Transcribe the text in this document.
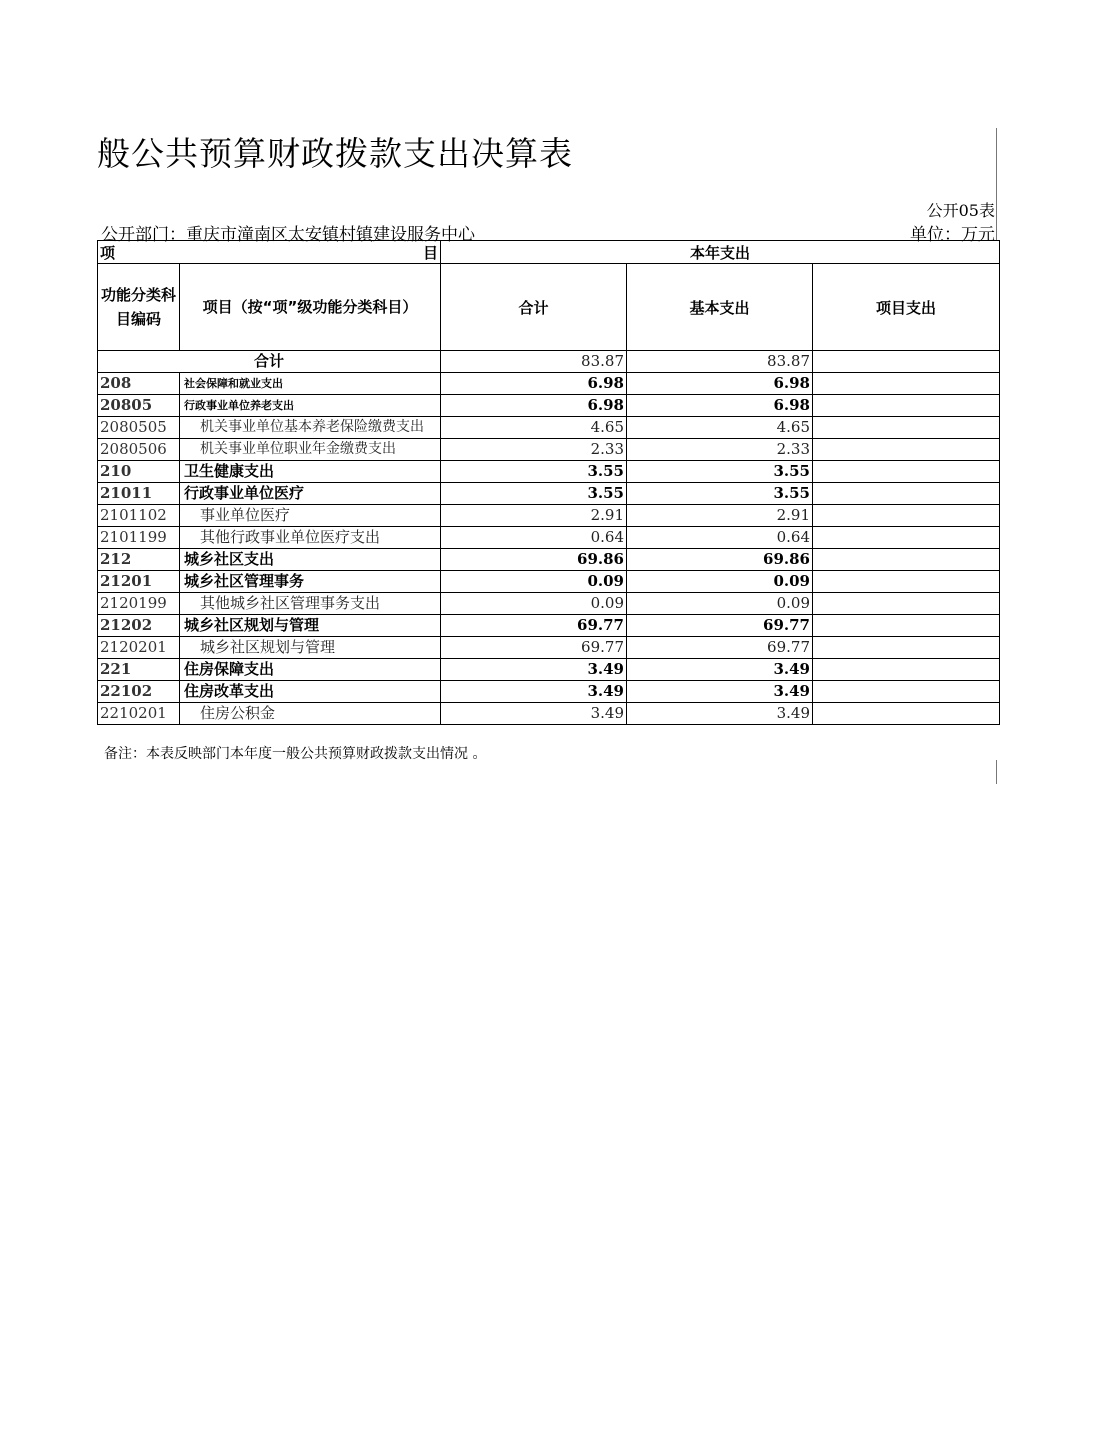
般公共预算财政拨款支出决算表
公开05表
公开部门：重庆市潼南区太安镇村镇建设服务中心	单位：万元
项 目		本年支出		
功能分类科目编码	项目（按“项”级功能分类科目）	合计	基本支出	项目支出
合计		83.87	83.87	
208	社会保障和就业支出	6.98	6.98	
20805	行政事业单位养老支出	6.98	6.98	
2080505	机关事业单位基本养老保险缴费支出	4.65	4.65	
2080506	机关事业单位职业年金缴费支出	2.33	2.33	
210	卫生健康支出	3.55	3.55	
21011	行政事业单位医疗	3.55	3.55	
2101102	事业单位医疗	2.91	2.91	
2101199	其他行政事业单位医疗支出	0.64	0.64	
212	城乡社区支出	69.86	69.86	
21201	城乡社区管理事务	0.09	0.09	
2120199	其他城乡社区管理事务支出	0.09	0.09	
21202	城乡社区规划与管理	69.77	69.77	
2120201	城乡社区规划与管理	69.77	69.77	
221	住房保障支出	3.49	3.49	
22102	住房改革支出	3.49	3.49	
2210201	住房公积金	3.49	3.49	
备注：本表反映部门本年度一般公共预算财政拨款支出情况 。
